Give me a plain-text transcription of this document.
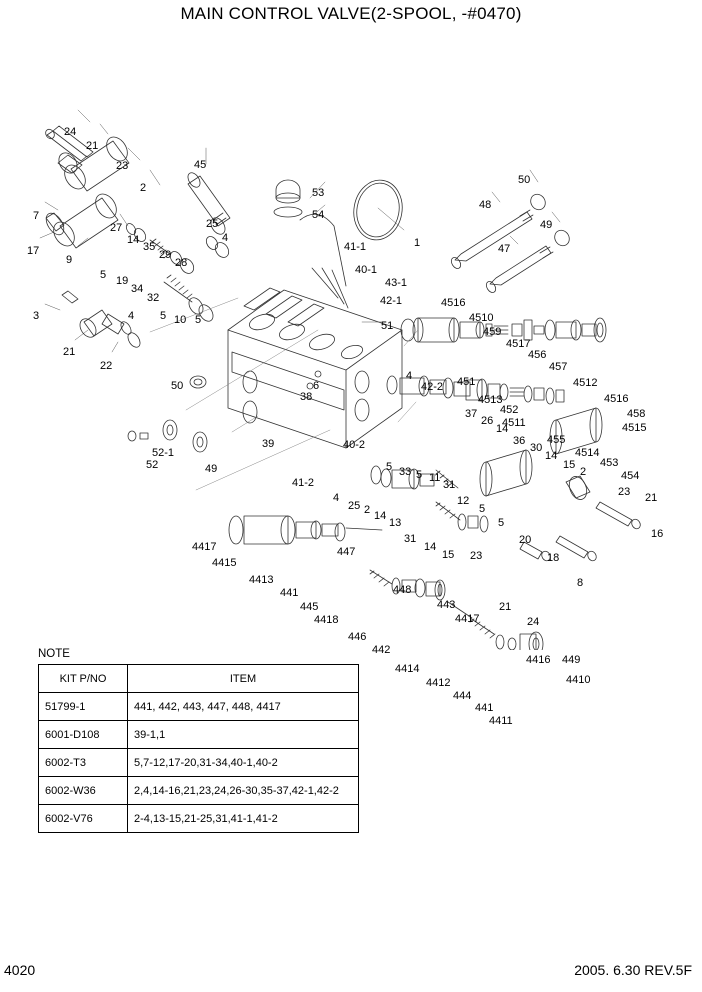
MAIN CONTROL VALVE(2-SPOOL, -#0470)
24
21
23	45
53
54
48
50
49
47
2
7
17
27	25
4
14
35
29
28
9
5 19
34
32
3	4 5 10 5
21
22
41-1	1
40-1
43-1
42-1
51
4516
4510
459
4517
456
457
4512
4516
458
4515
451
4513
452
4511
455
4514
453
454
37
26
14
36
30
14
15
2
23 21
4
42-2
50	6
38
39
52-1
52	49
40-2
41-2
5 33 5 11
31
12
5
5
4
25 2 14
13
31
14
15
20
18
23
21
24
8
16
4417
4415
4413
441
445
4418
446
442
447
448
443
4417
4414
4412
444
441
4411
4416 449
4410
NOTE
KIT P/NO	ITEM
51799-1	441, 442, 443, 447, 448, 4417
6001-D108	39-1,1
6002-T3	5,7-12,17-20,31-34,40-1,40-2
6002-W36	2,4,14-16,21,23,24,26-30,35-37,42-1,42-2
6002-V76	2-4,13-15,21-25,31,41-1,41-2
4020	2005. 6.30 REV.5F
